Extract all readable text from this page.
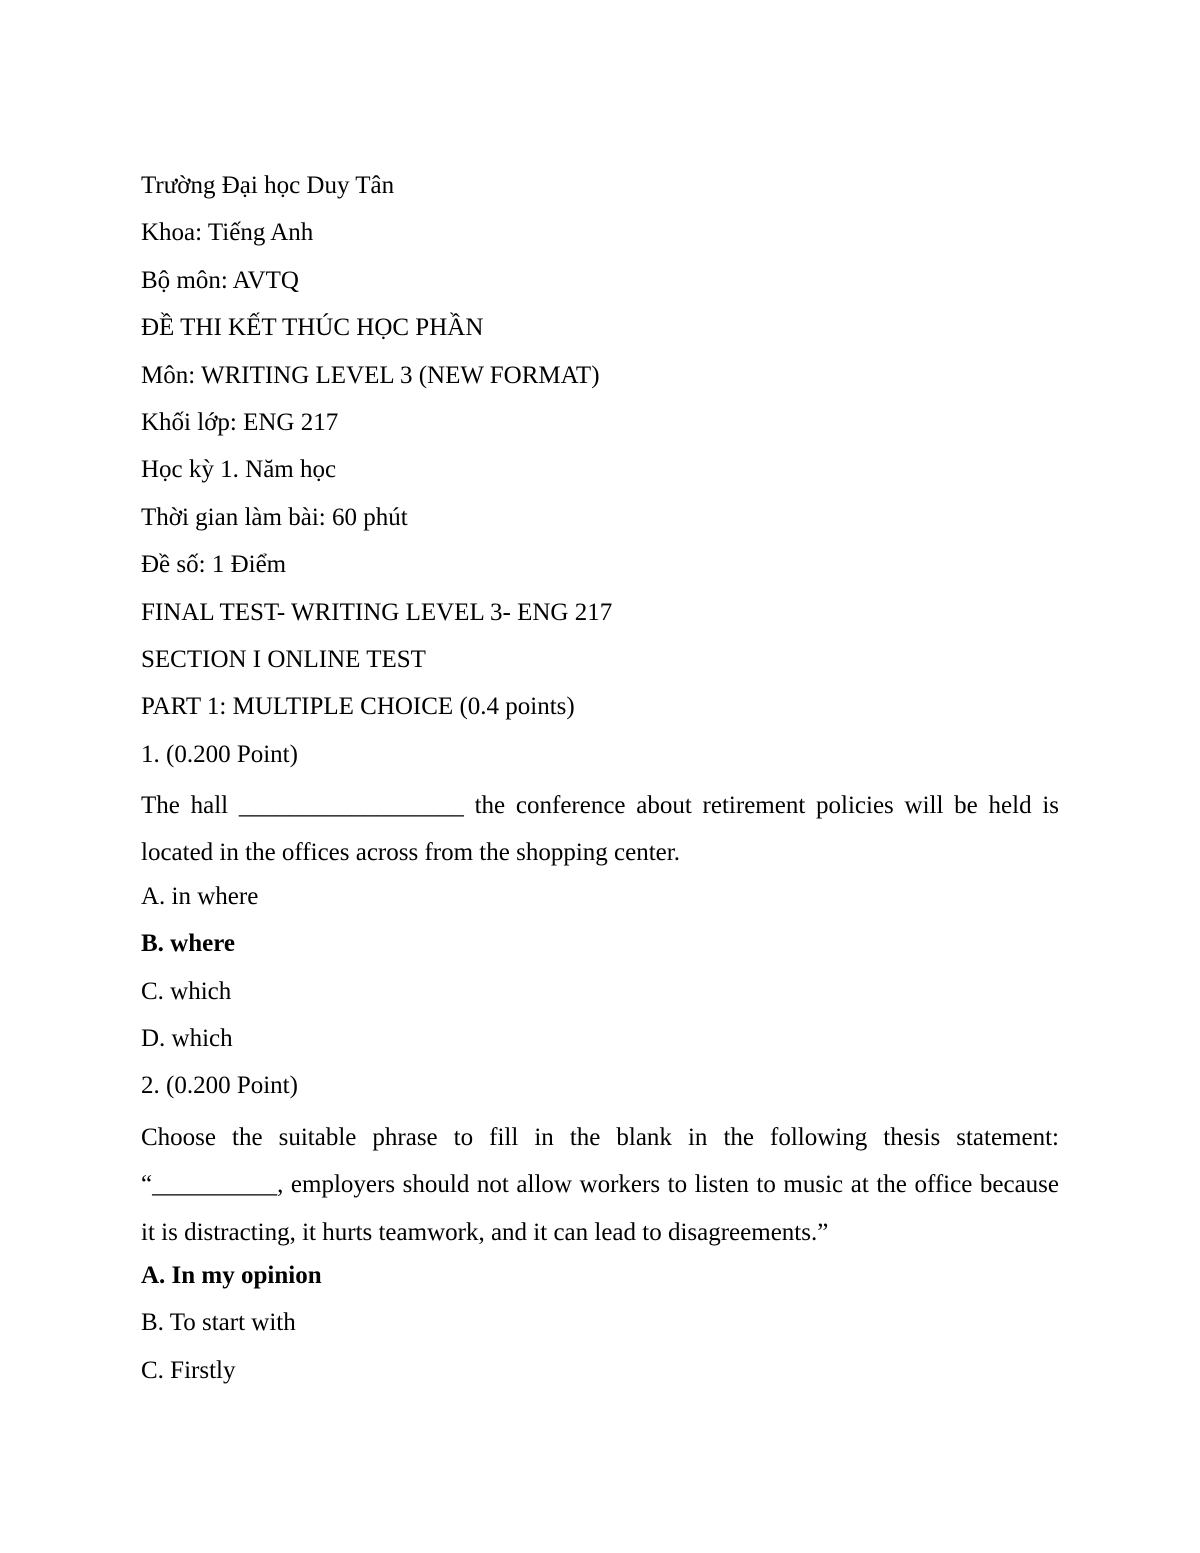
Trường Đại học Duy Tân
Khoa: Tiếng Anh
Bộ môn: AVTQ
ĐỀ THI KẾT THÚC HỌC PHẦN
Môn: WRITING LEVEL 3 (NEW FORMAT)
Khối lớp: ENG 217
Học kỳ 1. Năm học
Thời gian làm bài: 60 phút
Đề số: 1 Điểm
FINAL TEST- WRITING LEVEL 3- ENG 217
SECTION I ONLINE TEST
PART 1: MULTIPLE CHOICE (0.4 points)
1. (0.200 Point)

The hall __________________ the conference about retirement policies will be held is located in the offices across from the shopping center.

A. in where
B. where
C. which
D. which
2. (0.200 Point)

Choose the suitable phrase to fill in the blank in the following thesis statement: “__________, employers should not allow workers to listen to music at the office because it is distracting, it hurts teamwork, and it can lead to disagreements.”

A. In my opinion
B. To start with
C. Firstly
